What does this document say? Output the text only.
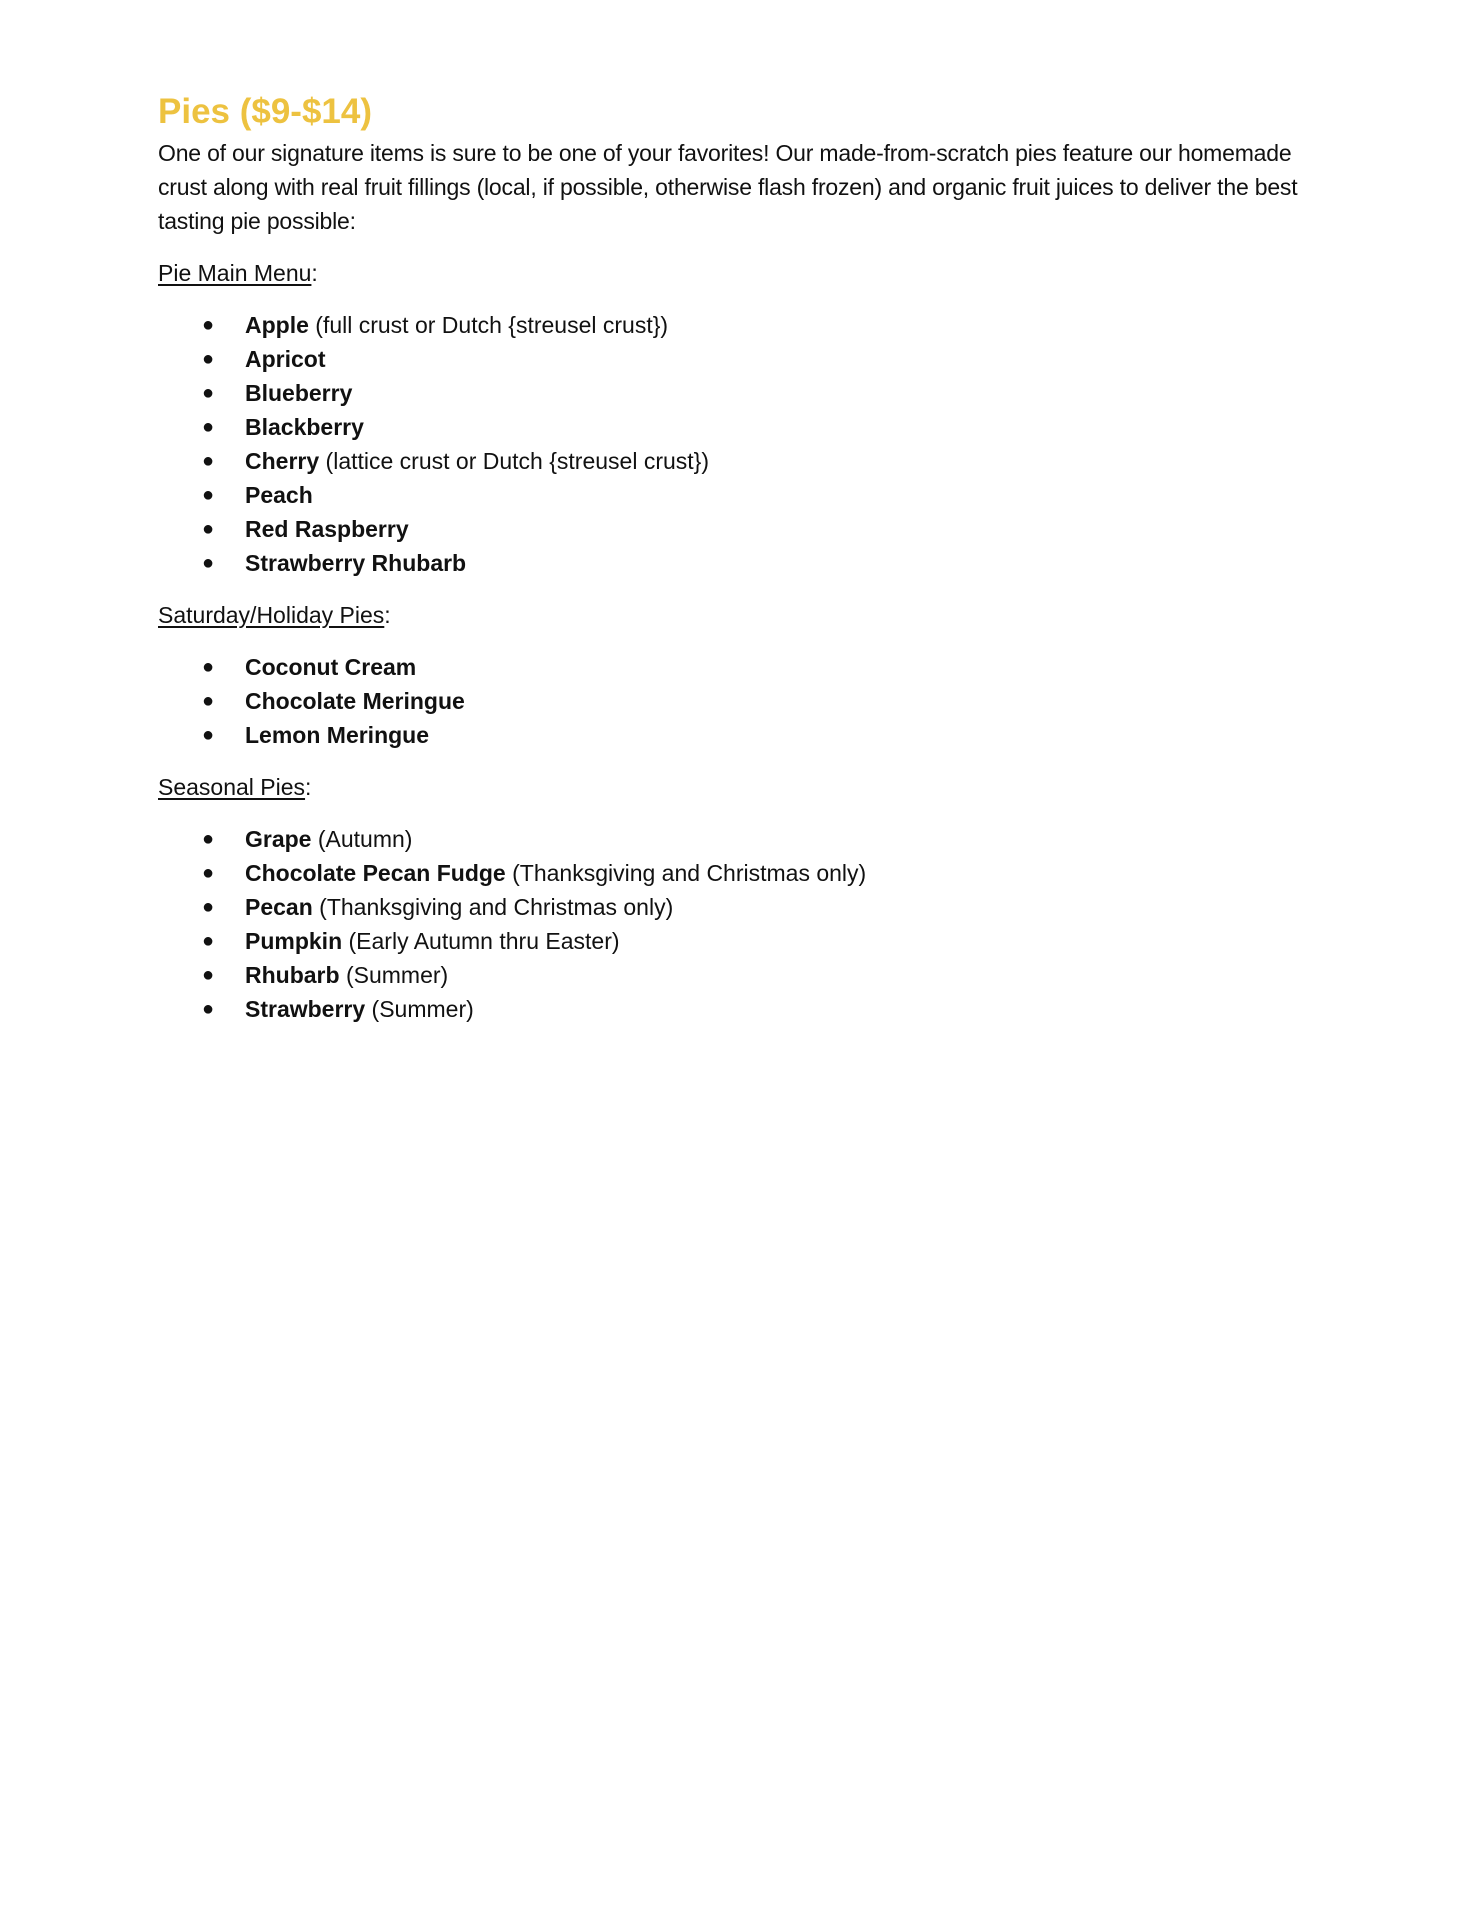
Pies ($9-$14)

One of our signature items is sure to be one of your favorites! Our made-from-scratch pies feature our homemade crust along with real fruit fillings (local, if possible, otherwise flash frozen) and organic fruit juices to deliver the best tasting pie possible:

Pie Main Menu:

● Apple (full crust or Dutch {streusel crust})
● Apricot
● Blueberry
● Blackberry
● Cherry (lattice crust or Dutch {streusel crust})
● Peach
● Red Raspberry
● Strawberry Rhubarb

Saturday/Holiday Pies:

● Coconut Cream
● Chocolate Meringue
● Lemon Meringue

Seasonal Pies:

● Grape (Autumn)
● Chocolate Pecan Fudge (Thanksgiving and Christmas only)
● Pecan (Thanksgiving and Christmas only)
● Pumpkin (Early Autumn thru Easter)
● Rhubarb (Summer)
● Strawberry (Summer)
